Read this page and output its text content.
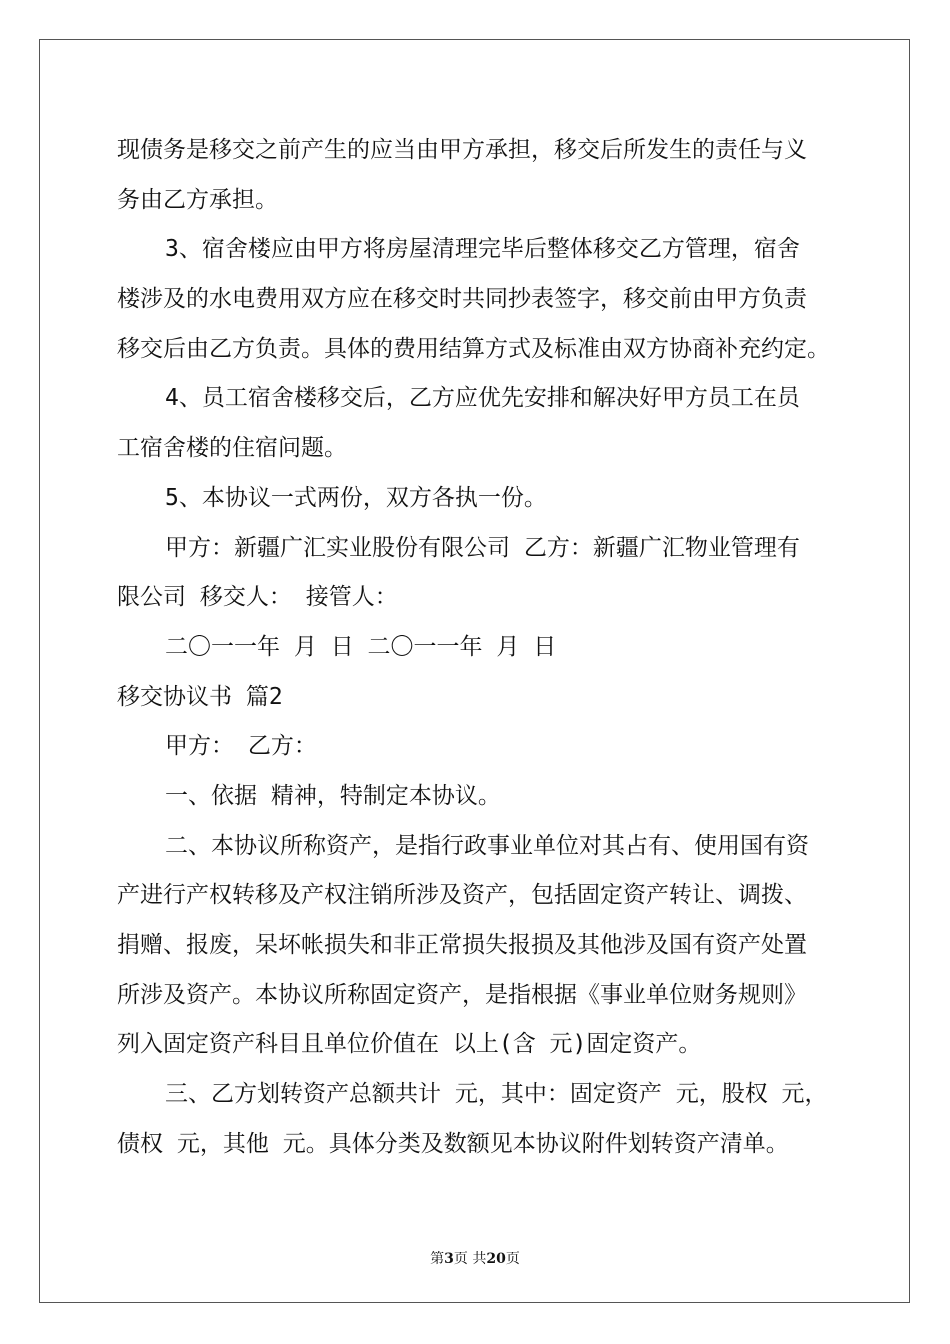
现债务是移交之前产生的应当由甲方承担，移交后所发生的责任与义
务由乙方承担。
3、宿舍楼应由甲方将房屋清理完毕后整体移交乙方管理，宿舍
楼涉及的水电费用双方应在移交时共同抄表签字，移交前由甲方负责
移交后由乙方负责。具体的费用结算方式及标准由双方协商补充约定。
4、员工宿舍楼移交后，乙方应优先安排和解决好甲方员工在员
工宿舍楼的住宿问题。
5、本协议一式两份，双方各执一份。
甲方：新疆广汇实业股份有限公司 乙方：新疆广汇物业管理有
限公司 移交人： 接管人：
二〇一一年 月 日 二〇一一年 月 日
移交协议书 篇2
甲方： 乙方：
一、依据 精神，特制定本协议。
二、本协议所称资产，是指行政事业单位对其占有、使用国有资
产进行产权转移及产权注销所涉及资产，包括固定资产转让、调拨、
捐赠、报废，呆坏帐损失和非正常损失报损及其他涉及国有资产处置
所涉及资产。本协议所称固定资产，是指根据《事业单位财务规则》
列入固定资产科目且单位价值在 以上(含 元)固定资产。
三、乙方划转资产总额共计 元，其中：固定资产 元，股权 元，
债权 元，其他 元。具体分类及数额见本协议附件划转资产清单。
第3页 共20页
